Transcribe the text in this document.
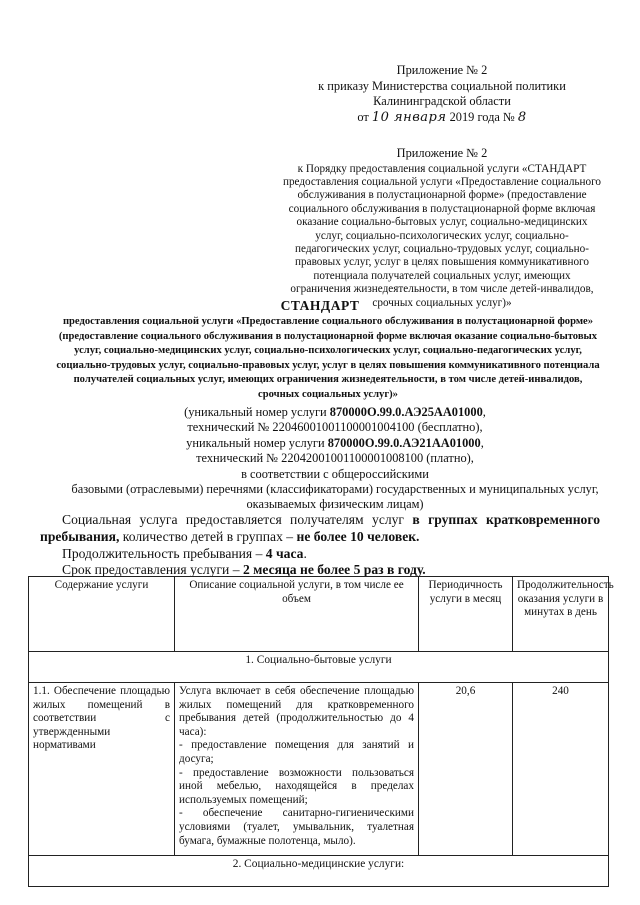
Приложение № 2
к приказу Министерства социальной политики
Калининградской области
от 10 января 2019 года № 8
Приложение № 2
к Порядку предоставления социальной услуги «СТАНДАРТ предоставления социальной услуги «Предоставление социального обслуживания в полустационарной форме» (предоставление социального обслуживания в полустационарной форме включая оказание социально-бытовых услуг, социально-медицинских услуг, социально-психологических услуг, социально-педагогических услуг, социально-трудовых услуг, социально-правовых услуг, услуг в целях повышения коммуникативного потенциала получателей социальных услуг, имеющих ограничения жизнедеятельности, в том числе детей-инвалидов, срочных социальных услуг)»
СТАНДАРТ
предоставления социальной услуги «Предоставление социального обслуживания в полустационарной форме» (предоставление социального обслуживания в полустационарной форме включая оказание социально-бытовых услуг, социально-медицинских услуг, социально-психологических услуг, социально-педагогических услуг, социально-трудовых услуг, социально-правовых услуг, услуг в целях повышения коммуникативного потенциала получателей социальных услуг, имеющих ограничения жизнедеятельности, в том числе детей-инвалидов, срочных социальных услуг)»
(уникальный номер услуги 870000О.99.0.АЭ25АА01000,
технический № 22046001001100001004100 (бесплатно),
уникальный номер услуги 870000О.99.0.АЭ21АА01000,
технический № 22042001001100001008100 (платно),
в соответствии с общероссийскими
базовыми (отраслевыми) перечнями (классификаторами) государственных и муниципальных услуг, оказываемых физическим лицам)
Социальная услуга предоставляется получателям услуг в группах кратковременного пребывания, количество детей в группах – не более 10 человек.
Продолжительность пребывания – 4 часа.
Срок предоставления услуги – 2 месяца не более 5 раз в году.
Содержание услуги	Описание социальной услуги, в том числе ее объем	Периодичность услуги в месяц	Продолжительность оказания услуги в минутах в день
1. Социально-бытовые услуги			
1.1. Обеспечение площадью жилых помещений в соответствии с утвержденными нормативами	Услуга включает в себя обеспечение площадью жилых помещений для кратковременного пребывания детей (продолжительностью до 4 часа):
- предоставление помещения для занятий и досуга;
- предоставление возможности пользоваться иной мебелью, находящейся в пределах используемых помещений;
- обеспечение санитарно-гигиеническими условиями (туалет, умывальник, туалетная бумага, бумажные полотенца, мыло).	20,6	240
2. Социально-медицинские услуги:			
